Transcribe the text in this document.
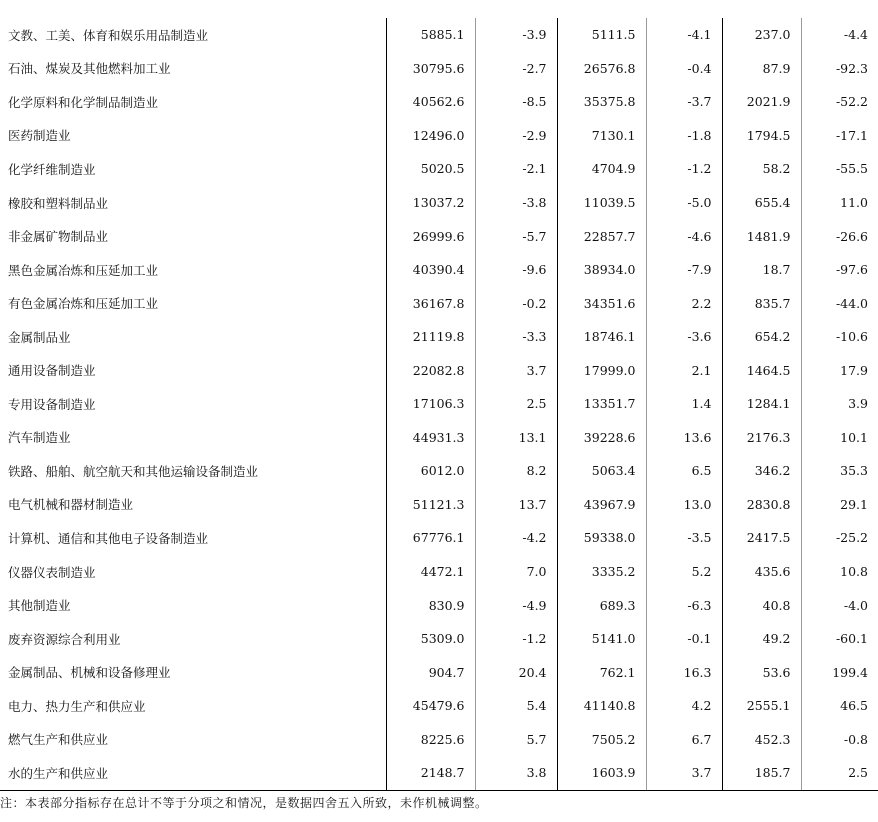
文教、工美、体育和娱乐用品制造业	5885.1	-3.9	5111.5	-4.1	237.0	-4.4
石油、煤炭及其他燃料加工业	30795.6	-2.7	26576.8	-0.4	87.9	-92.3
化学原料和化学制品制造业	40562.6	-8.5	35375.8	-3.7	2021.9	-52.2
医药制造业	12496.0	-2.9	7130.1	-1.8	1794.5	-17.1
化学纤维制造业	5020.5	-2.1	4704.9	-1.2	58.2	-55.5
橡胶和塑料制品业	13037.2	-3.8	11039.5	-5.0	655.4	11.0
非金属矿物制品业	26999.6	-5.7	22857.7	-4.6	1481.9	-26.6
黑色金属冶炼和压延加工业	40390.4	-9.6	38934.0	-7.9	18.7	-97.6
有色金属冶炼和压延加工业	36167.8	-0.2	34351.6	2.2	835.7	-44.0
金属制品业	21119.8	-3.3	18746.1	-3.6	654.2	-10.6
通用设备制造业	22082.8	3.7	17999.0	2.1	1464.5	17.9
专用设备制造业	17106.3	2.5	13351.7	1.4	1284.1	3.9
汽车制造业	44931.3	13.1	39228.6	13.6	2176.3	10.1
铁路、船舶、航空航天和其他运输设备制造业	6012.0	8.2	5063.4	6.5	346.2	35.3
电气机械和器材制造业	51121.3	13.7	43967.9	13.0	2830.8	29.1
计算机、通信和其他电子设备制造业	67776.1	-4.2	59338.0	-3.5	2417.5	-25.2
仪器仪表制造业	4472.1	7.0	3335.2	5.2	435.6	10.8
其他制造业	830.9	-4.9	689.3	-6.3	40.8	-4.0
废弃资源综合利用业	5309.0	-1.2	5141.0	-0.1	49.2	-60.1
金属制品、机械和设备修理业	904.7	20.4	762.1	16.3	53.6	199.4
电力、热力生产和供应业	45479.6	5.4	41140.8	4.2	2555.1	46.5
燃气生产和供应业	8225.6	5.7	7505.2	6.7	452.3	-0.8
水的生产和供应业	2148.7	3.8	1603.9	3.7	185.7	2.5
注：本表部分指标存在总计不等于分项之和情况，是数据四舍五入所致，未作机械调整。
